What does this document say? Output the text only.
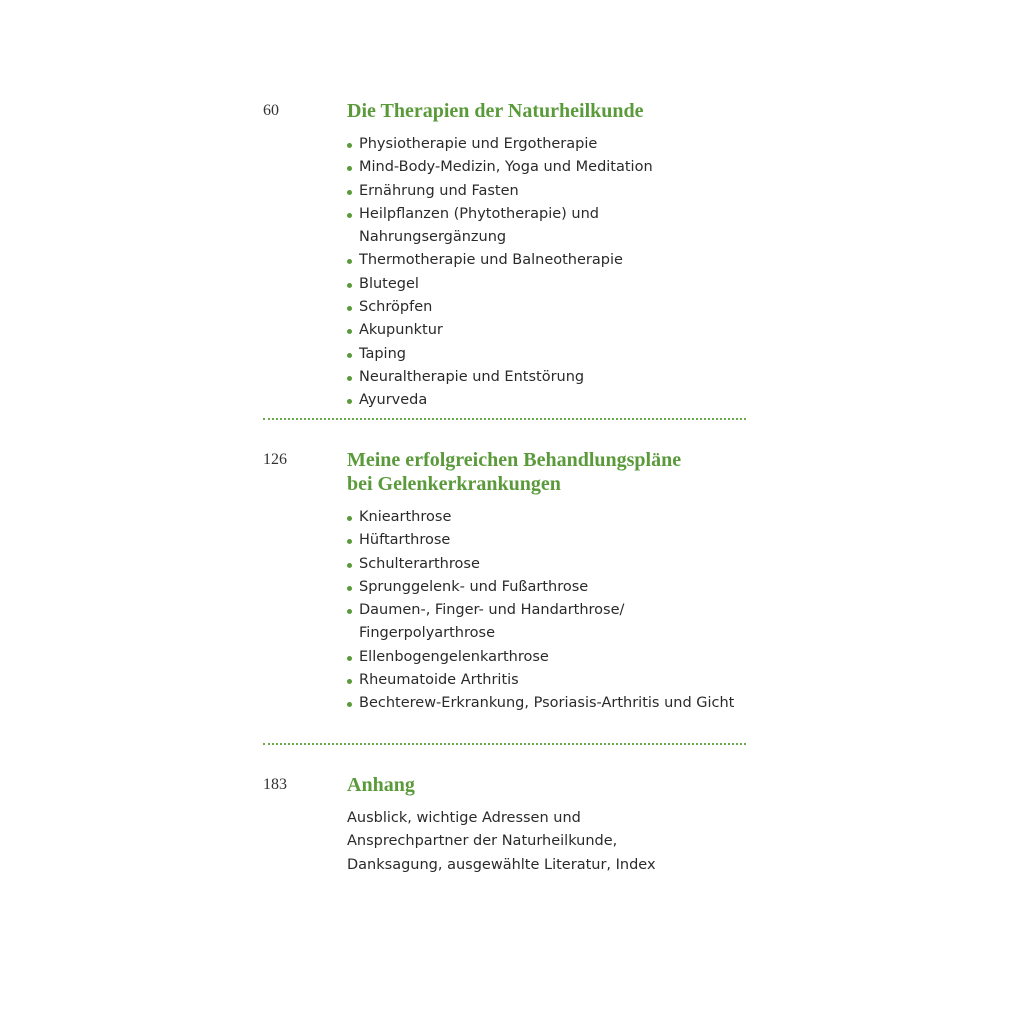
60	Die Therapien der Naturheilkunde
Physiotherapie und Ergotherapie
Mind-Body-Medizin, Yoga und Meditation
Ernährung und Fasten
Heilpflanzen (Phytotherapie) und Nahrungsergänzung
Thermotherapie und Balneotherapie
Blutegel
Schröpfen
Akupunktur
Taping
Neuraltherapie und Entstörung
Ayurveda
126	Meine erfolgreichen Behandlungspläne
bei Gelenkerkrankungen
Kniearthrose
Hüftarthrose
Schulterarthrose
Sprunggelenk- und Fußarthrose
Daumen-, Finger- und Handarthrose/
Fingerpolyarthrose
Ellenbogengelenkarthrose
Rheumatoide Arthritis
Bechterew-Erkrankung, Psoriasis-Arthritis und Gicht
183	Anhang

Ausblick, wichtige Adressen und
Ansprechpartner der Naturheilkunde,
Danksagung, ausgewählte Literatur, Index
